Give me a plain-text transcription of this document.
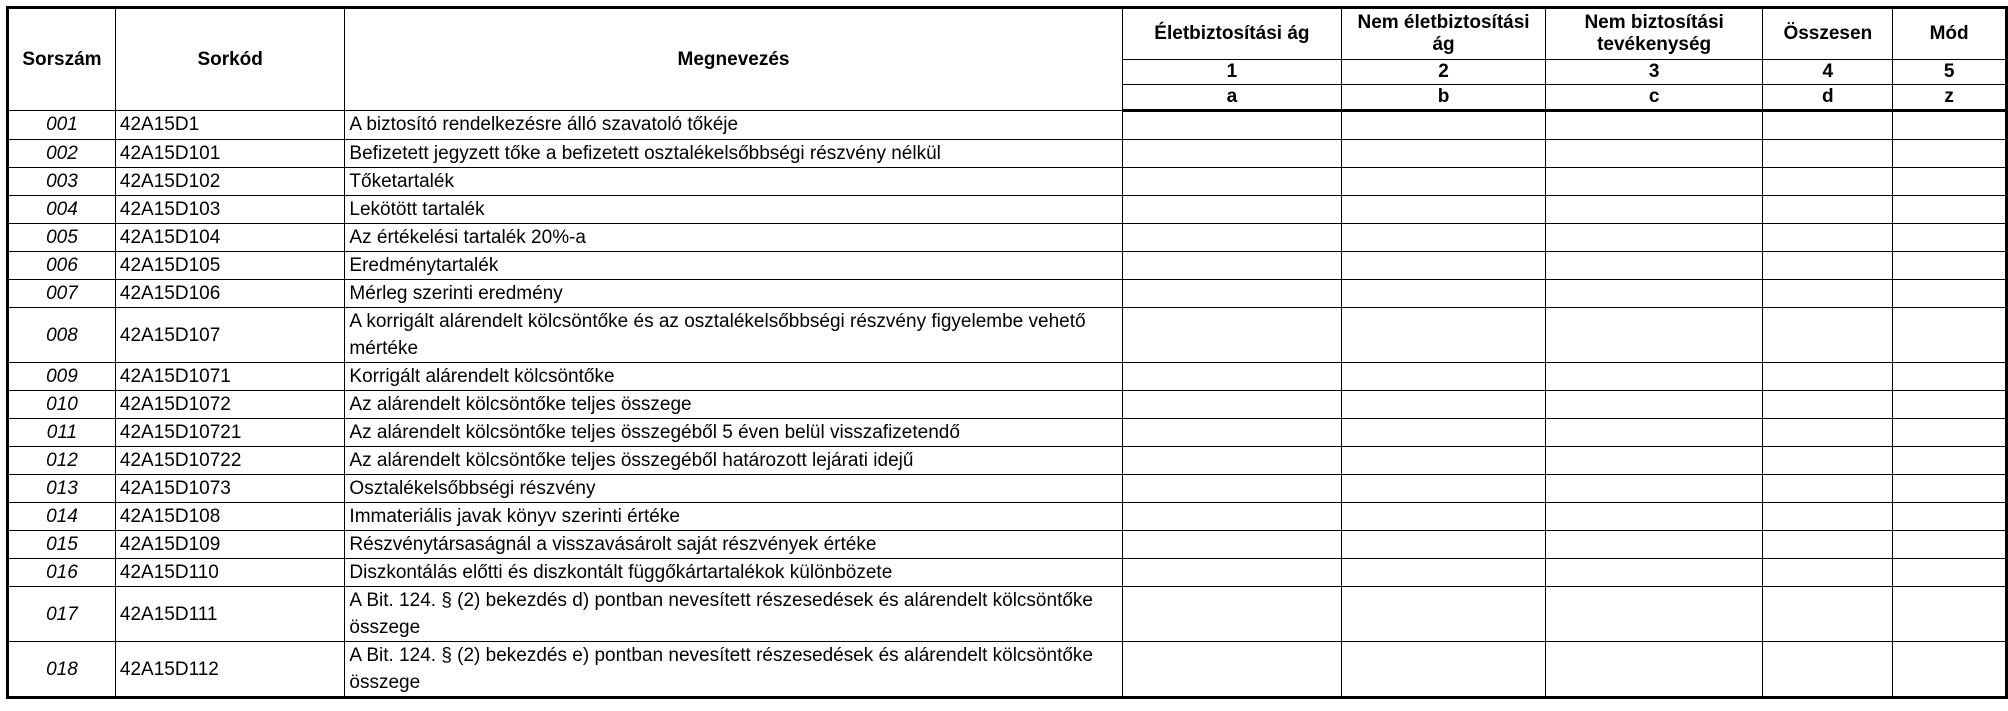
Sorszám	Sorkód	Megnevezés	Életbiztosítási ág	Nem életbiztosítási ág	Nem biztosítási tevékenység	Összesen	Mód
			1	2	3	4	5
			a	b	c	d	z
001	42A15D1	A biztosító rendelkezésre álló szavatoló tőkéje					
002	42A15D101	Befizetett jegyzett tőke a befizetett osztalékelsőbbségi részvény nélkül					
003	42A15D102	Tőketartalék					
004	42A15D103	Lekötött tartalék					
005	42A15D104	Az értékelési tartalék 20%-a					
006	42A15D105	Eredménytartalék					
007	42A15D106	Mérleg szerinti eredmény					
008	42A15D107	A korrigált alárendelt kölcsöntőke és az osztalékelsőbbségi részvény figyelembe vehető mértéke					
009	42A15D1071	Korrigált alárendelt kölcsöntőke					
010	42A15D1072	Az alárendelt kölcsöntőke teljes összege					
011	42A15D10721	Az alárendelt kölcsöntőke teljes összegéből 5 éven belül visszafizetendő					
012	42A15D10722	Az alárendelt kölcsöntőke teljes összegéből határozott lejárati idejű					
013	42A15D1073	Osztalékelsőbbségi részvény					
014	42A15D108	Immateriális javak könyv szerinti értéke					
015	42A15D109	Részvénytársaságnál a visszavásárolt saját részvények értéke					
016	42A15D110	Diszkontálás előtti és diszkontált függőkártartalékok különbözete					
017	42A15D111	A Bit. 124. § (2) bekezdés d) pontban nevesített részesedések és alárendelt kölcsöntőke összege					
018	42A15D112	A Bit. 124. § (2) bekezdés e) pontban nevesített részesedések és alárendelt kölcsöntőke összege					
